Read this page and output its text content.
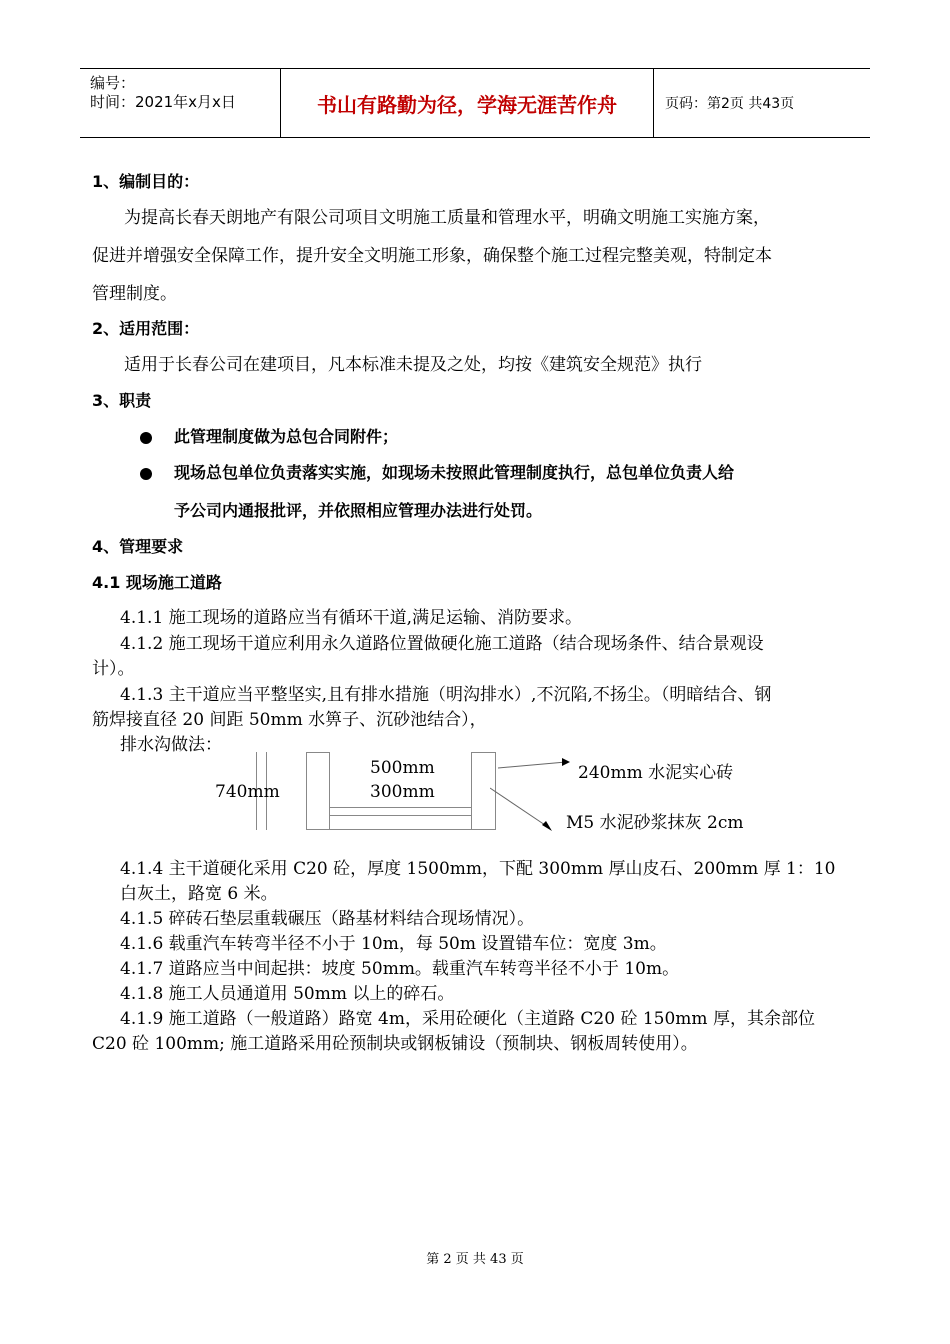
编号：
时间：2021年x月x日	书山有路勤为径，学海无涯苦作舟	页码：第2页 共43页
1、编制目的：
为提高长春天朗地产有限公司项目文明施工质量和管理水平，明确文明施工实施方案，
促进并增强安全保障工作，提升安全文明施工形象，确保整个施工过程完整美观，特制定本
管理制度。
2、适用范围：
适用于长春公司在建项目，凡本标准未提及之处，均按《建筑安全规范》执行
3、职责
此管理制度做为总包合同附件；
现场总包单位负责落实实施，如现场未按照此管理制度执行，总包单位负责人给
予公司内通报批评，并依照相应管理办法进行处罚。
4、管理要求
4.1 现场施工道路
4.1.1 施工现场的道路应当有循环干道,满足运输、消防要求。
4.1.2 施工现场干道应利用永久道路位置做硬化施工道路（结合现场条件、结合景观设
计）。
4.1.3 主干道应当平整坚实,且有排水措施（明沟排水）,不沉陷,不扬尘。（明暗结合、钢
筋焊接直径 20 间距 50mm 水箅子、沉砂池结合），
排水沟做法：
740mm
500mm
300mm
240mm 水泥实心砖
M5 水泥砂浆抹灰 2cm
4.1.4 主干道硬化采用 C20 砼，厚度 1500mm，下配 300mm 厚山皮石、200mm 厚 1：10
白灰土，路宽 6 米。
4.1.5 碎砖石垫层重载碾压（路基材料结合现场情况）。
4.1.6 载重汽车转弯半径不小于 10m，每 50m 设置错车位：宽度 3m。
4.1.7 道路应当中间起拱：坡度 50mm。载重汽车转弯半径不小于 10m。
4.1.8 施工人员通道用 50mm 以上的碎石。
4.1.9 施工道路（一般道路）路宽 4m，采用砼硬化（主道路 C20 砼 150mm 厚，其余部位
C20 砼 100mm; 施工道路采用砼预制块或钢板铺设（预制块、钢板周转使用）。
第 2 页 共 43 页
